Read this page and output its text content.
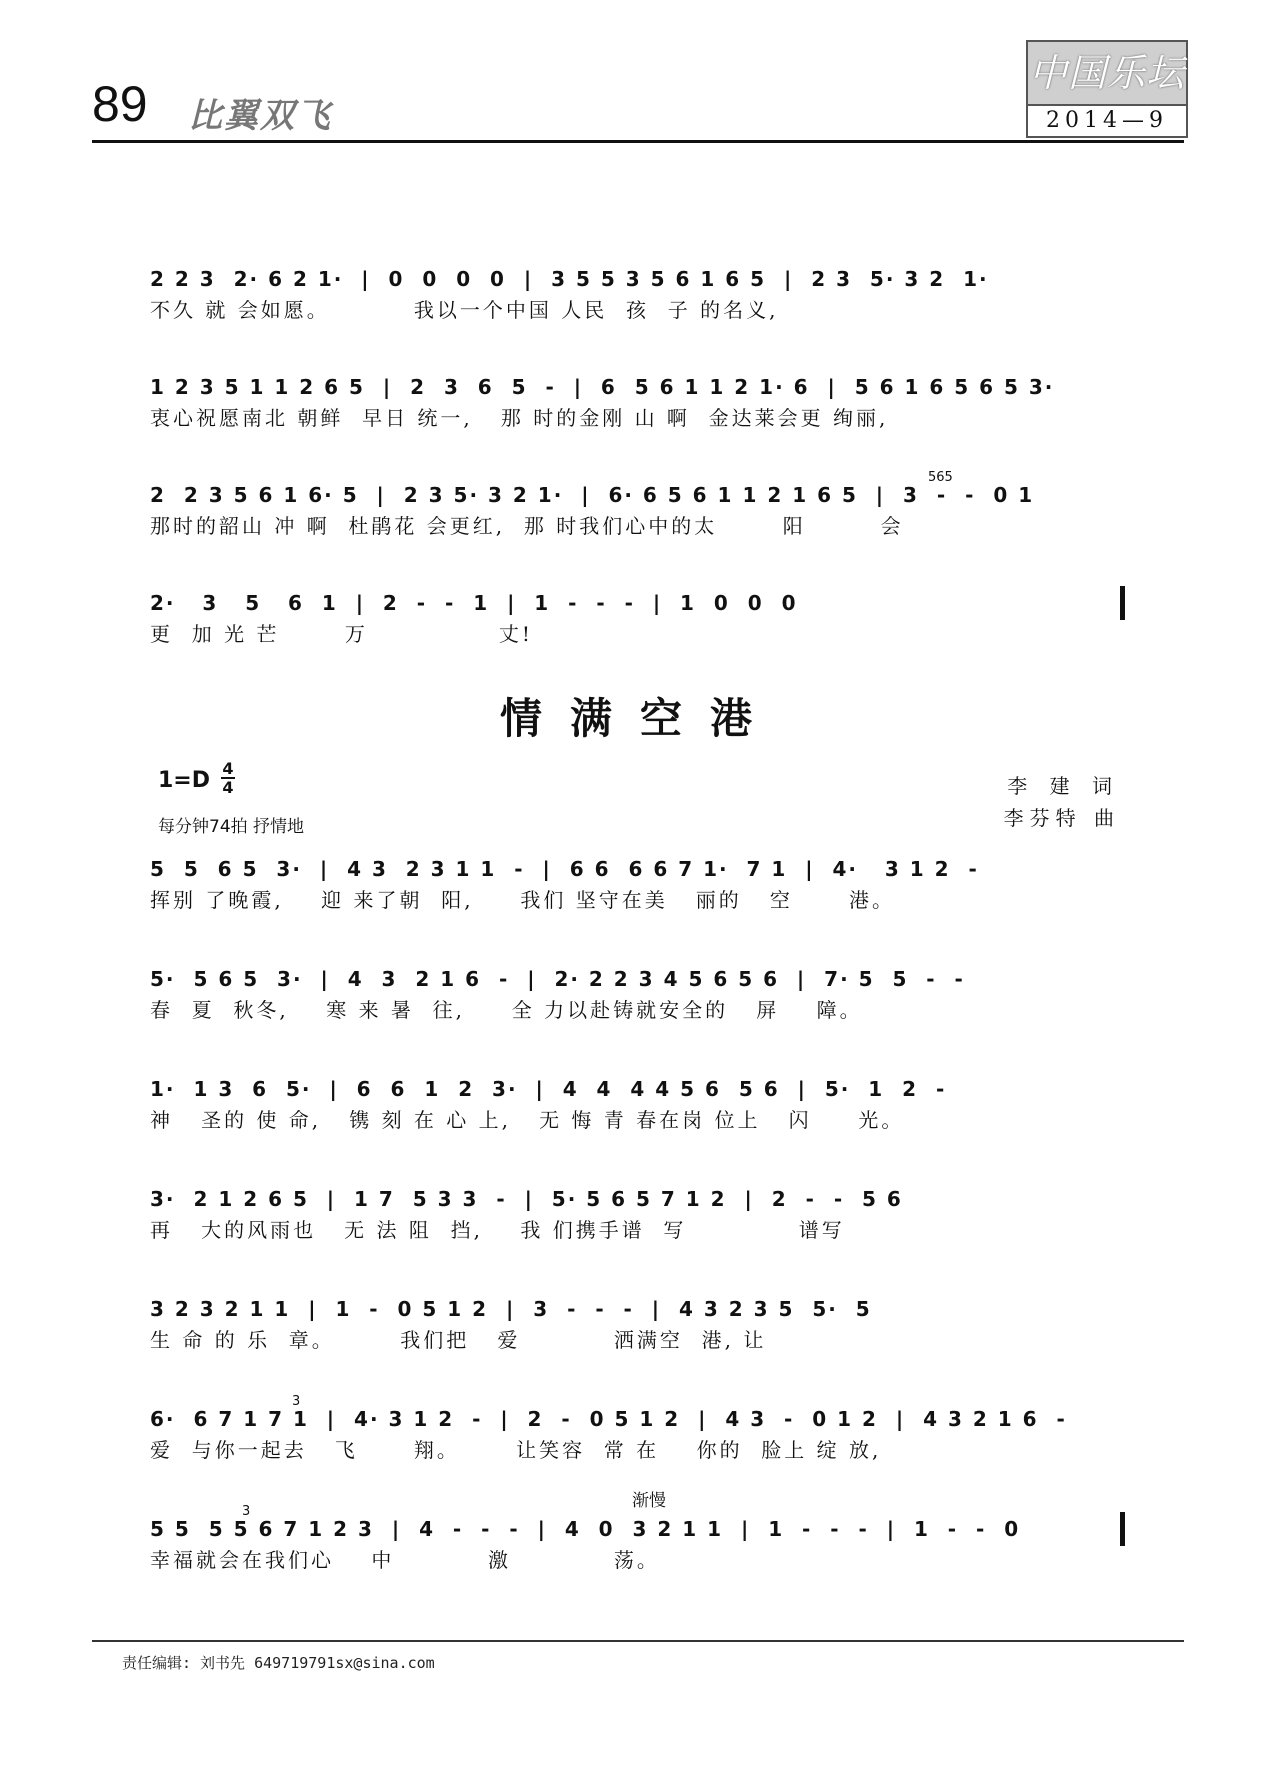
89 比翼双飞
中国乐坛
2014—9
2 2 3  2· 6 2 1·  |  0  0  0  0  |  3 5 5 3 5 6 1 6 5  |  2 3  5· 3 2  1·
不久 就 会如愿。         我以一个中国 人民  孩  子 的名义,
1 2 3 5 1 1 2 6 5  |  2  3  6  5  -  |  6  5 6 1 1 2 1· 6  |  5 6 1 6 5 6 5 3·
衷心祝愿南北 朝鲜  早日 统一,   那 时的金刚 山 啊  金达莱会更 绚丽,
565
2  2 3 5 6 1 6· 5  |  2 3 5· 3 2 1·  |  6· 6 5 6 1 1 2 1 6 5  |  3  -  -  0 1
那时的韶山 冲 啊  杜鹃花 会更红,  那 时我们心中的太       阳        会
2·   3   5   6  1  |  2  -  -  1  |  1  -  -  -  |  1  0  0  0
更  加 光 芒       万              丈!
情满空港
1=D 4
4
每分钟74拍 抒情地
李 建 词
李芬特 曲
5  5  6 5  3·  |  4 3  2 3 1 1  -  |  6 6  6 6 7 1·  7 1  |  4·   3 1 2  -
挥别 了晚霞,    迎 来了朝  阳,     我们 坚守在美   丽的   空      港。
5·  5 6 5  3·  |  4  3  2 1 6  -  |  2· 2 2 3 4 5 6 5 6  |  7· 5  5  -  -
春  夏  秋冬,    寒 来 暑  往,     全 力以赴铸就安全的   屏    障。
1·  1 3  6  5·  |  6  6  1  2  3·  |  4  4  4 4 5 6  5 6  |  5·  1  2  -
神   圣的 使 命,   镌 刻 在 心 上,   无 悔 青 春在岗 位上   闪     光。
3·  2 1 2 6 5  |  1 7  5 3 3  -  |  5· 5 6 5 7 1 2  |  2  -  -  5 6
再   大的风雨也   无 法 阻  挡,    我 们携手谱  写            谱写
3 2 3 2 1 1  |  1  -  0 5 1 2  |  3  -  -  -  |  4 3 2 3 5  5·  5
生 命 的 乐  章。       我们把   爱          洒满空  港, 让
3
6·  6 7 1 7 1  |  4· 3 1 2  -  |  2  -  0 5 1 2  |  4 3  -  0 1 2  |  4 3 2 1 6  -
爱  与你一起去   飞      翔。      让笑容  常 在    你的  脸上 绽 放,
渐慢
3
5 5  5 5 6 7 1 2 3  |  4  -  -  -  |  4  0  3 2 1 1  |  1  -  -  -  |  1  -  -  0
幸福就会在我们心    中          激           荡。
责任编辑: 刘书先 649719791sx@sina.com
